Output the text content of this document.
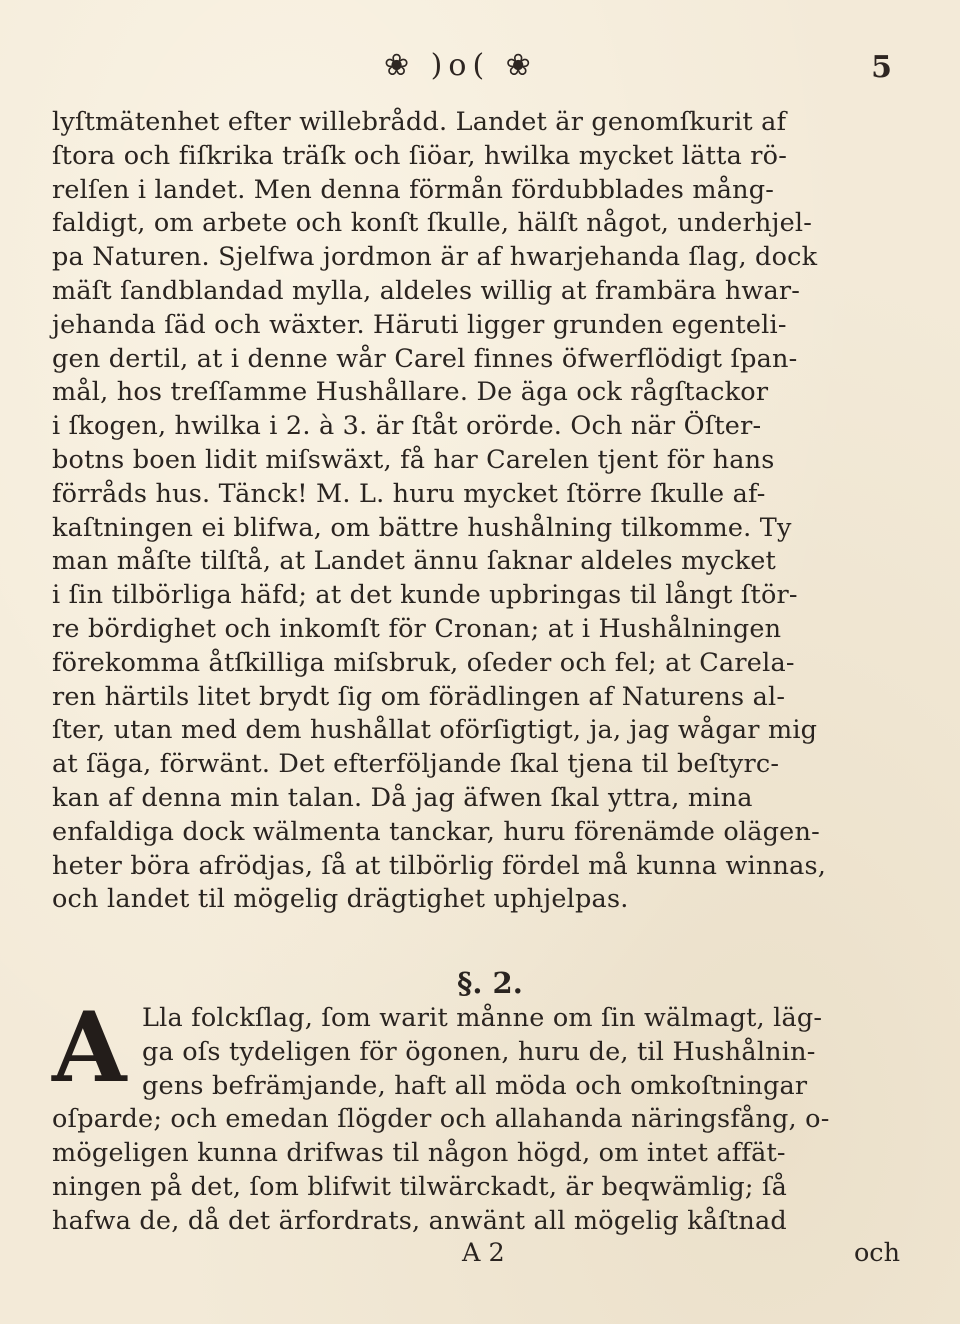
❀ )o( ❀	5
lyſtmätenhet efter willebrådd. Landet är genomſkurit af
ſtora och fiſkrika träſk och ſiöar, hwilka mycket lätta rö-
relſen i landet. Men denna förmån fördubblades mång-
faldigt, om arbete och konſt ſkulle, hälſt något, underhjel-
pa Naturen. Sjelfwa jordmon är af hwarjehanda ſlag, dock
mäſt ſandblandad mylla, aldeles willig at frambära hwar-
jehanda ſäd och wäxter. Häruti ligger grunden egenteli-
gen dertil, at i denne wår Carel finnes öfwerflödigt ſpan-
mål, hos treſſamme Hushållare. De äga ock rågſtackor
i ſkogen, hwilka i 2. à 3. är ſtåt orörde. Och när Öſter-
botns boen lidit miſswäxt, få har Carelen tjent för hans
förråds hus. Tänck! M. L. huru mycket ſtörre ſkulle af-
kaſtningen ei blifwa, om bättre hushålning tilkomme. Ty
man måſte tilſtå, at Landet ännu ſaknar aldeles mycket
i ſin tilbörliga häfd; at det kunde upbringas til långt ſtör-
re bördighet och inkomſt för Cronan; at i Hushålningen
förekomma åtſkilliga miſsbruk, oſeder och fel; at Carela-
ren härtils litet brydt ſig om förädlingen af Naturens al-
ſter, utan med dem hushållat oförſigtigt, ja, jag wågar mig
at ſäga, förwänt. Det efterföljande ſkal tjena til beſtyrc-
kan af denna min talan. Då jag äfwen ſkal yttra, mina
enfaldiga dock wälmenta tanckar, huru förenämde olägen-
heter böra afrödjas, ſå at tilbörlig fördel må kunna winnas,
och landet til mögelig drägtighet uphjelpas.
§. 2.
A Lla folckſlag, ſom warit månne om ſin wälmagt, läg-
ga oſs tydeligen för ögonen, huru de, til Hushålnin-
gens befrämjande, haft all möda och omkoſtningar
oſparde; och emedan ſlögder och allahanda näringsfång, o-
mögeligen kunna drifwas til någon högd, om intet affät-
ningen på det, ſom blifwit tilwärckadt, är beqwämlig; ſå
hafwa de, då det ärfordrats, anwänt all mögelig kåſtnad
A 2	och
